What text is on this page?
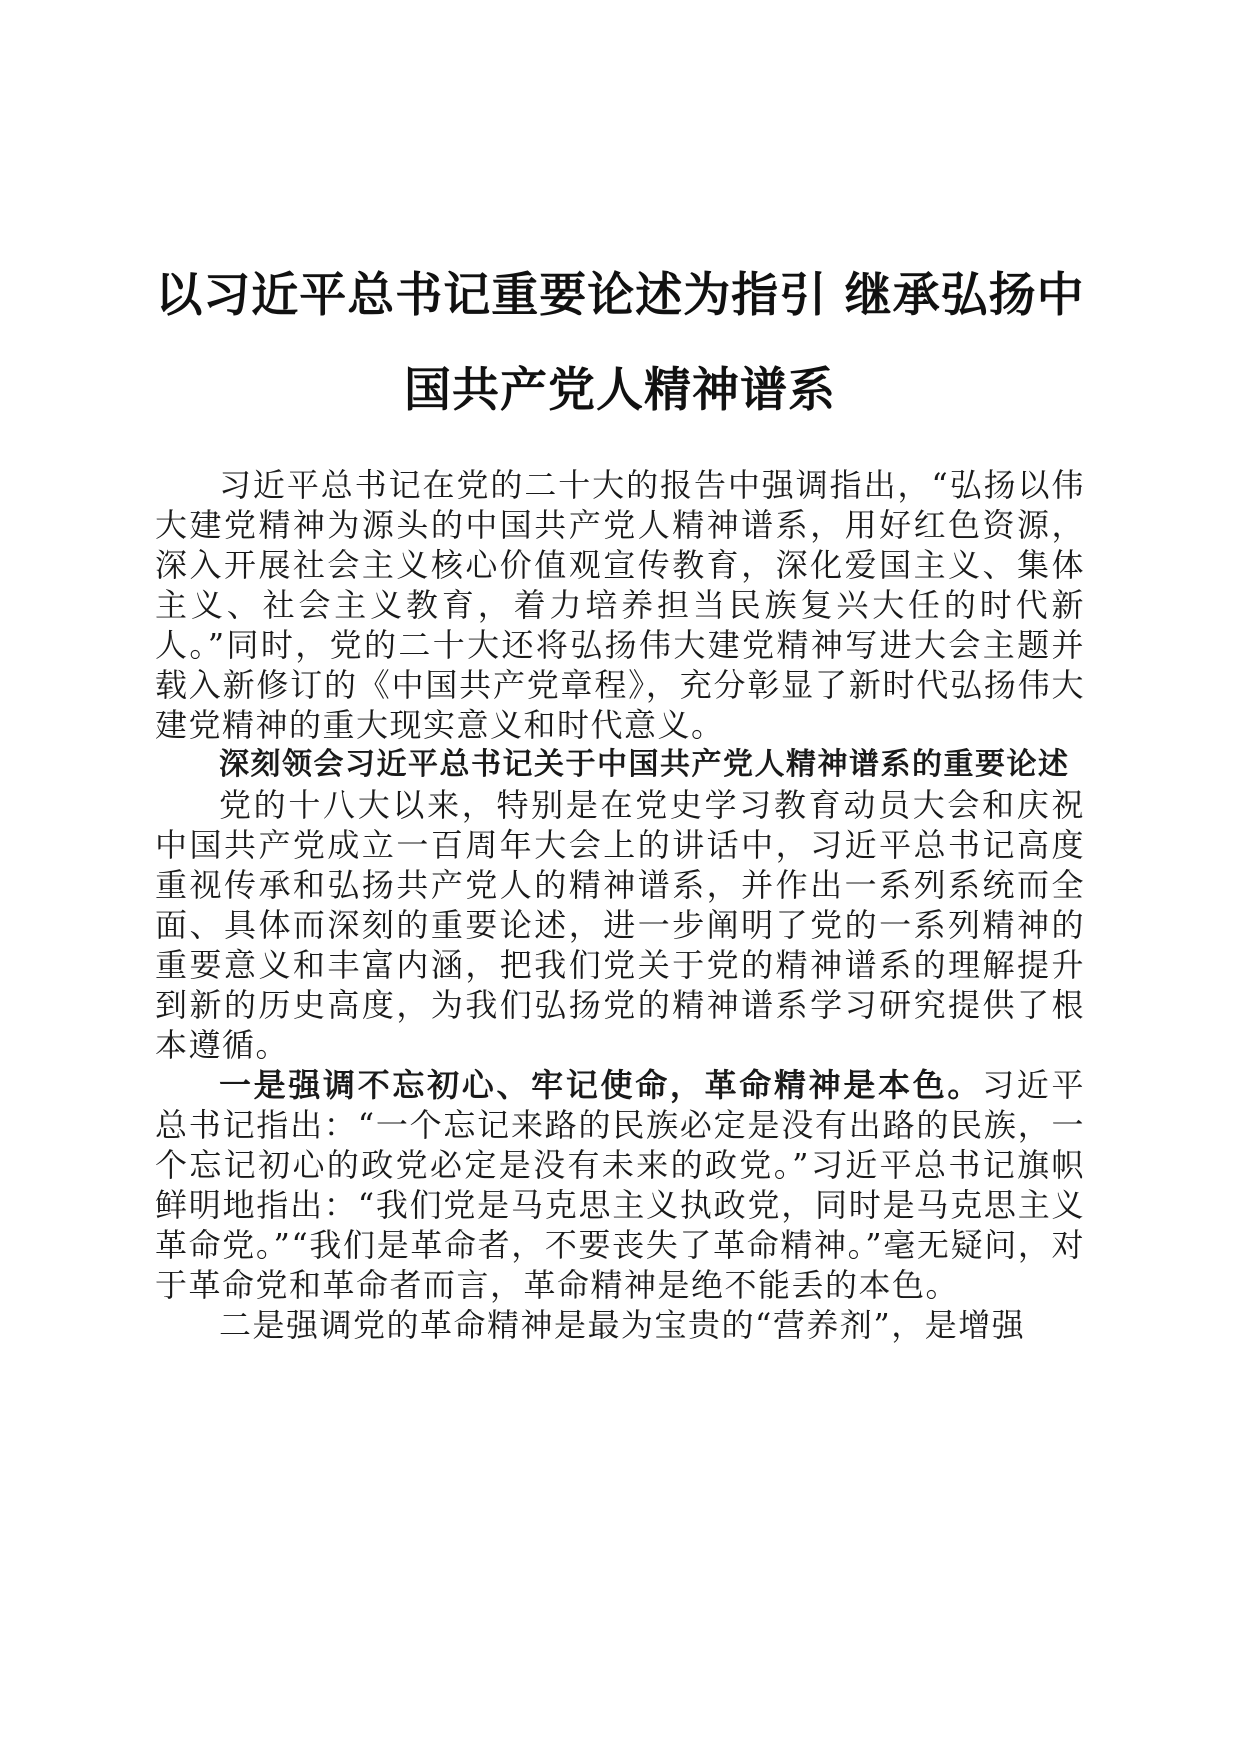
以习近平总书记重要论述为指引 继承弘扬中
国共产党人精神谱系

习近平总书记在党的二十大的报告中强调指出，“弘扬以伟大建党精神为源头的中国共产党人精神谱系，用好红色资源，深入开展社会主义核心价值观宣传教育，深化爱国主义、集体主义、社会主义教育，着力培养担当民族复兴大任的时代新人。”同时，党的二十大还将弘扬伟大建党精神写进大会主题并载入新修订的《中国共产党章程》，充分彰显了新时代弘扬伟大建党精神的重大现实意义和时代意义。

深刻领会习近平总书记关于中国共产党人精神谱系的重要论述

党的十八大以来，特别是在党史学习教育动员大会和庆祝中国共产党成立一百周年大会上的讲话中，习近平总书记高度重视传承和弘扬共产党人的精神谱系，并作出一系列系统而全面、具体而深刻的重要论述，进一步阐明了党的一系列精神的重要意义和丰富内涵，把我们党关于党的精神谱系的理解提升到新的历史高度，为我们弘扬党的精神谱系学习研究提供了根本遵循。

一是强调不忘初心、牢记使命，革命精神是本色。习近平总书记指出：“一个忘记来路的民族必定是没有出路的民族，一个忘记初心的政党必定是没有未来的政党。”习近平总书记旗帜鲜明地指出：“我们党是马克思主义执政党，同时是马克思主义革命党。”“我们是革命者，不要丧失了革命精神。”毫无疑问，对于革命党和革命者而言，革命精神是绝不能丢的本色。

二是强调党的革命精神是最为宝贵的“营养剂”，是增强
